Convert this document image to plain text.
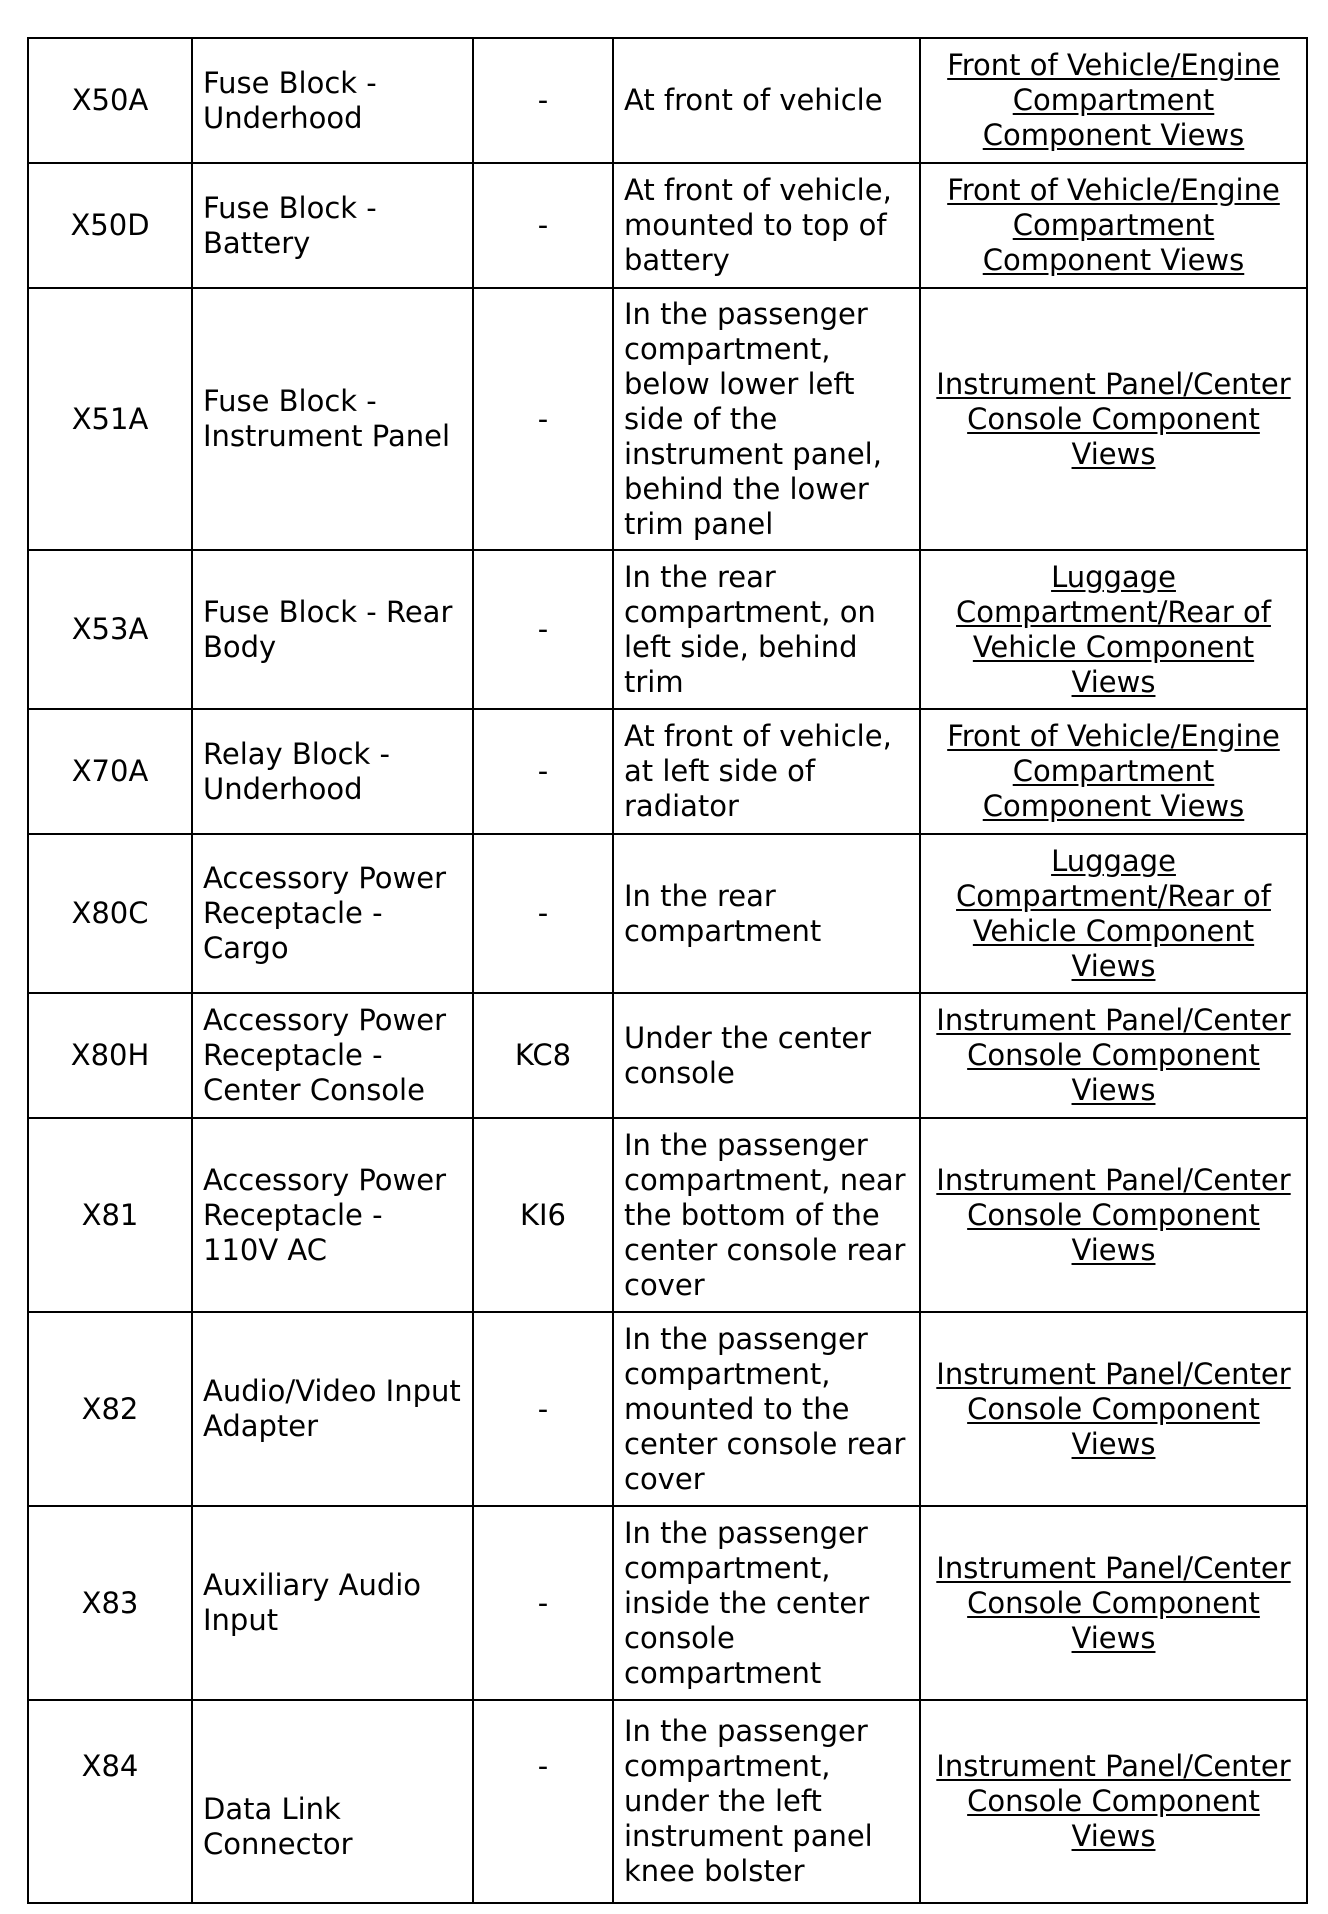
X50A	Fuse Block - Underhood	-	At front of vehicle	Front of Vehicle/Engine Compartment Component Views
X50D	Fuse Block - Battery	-	At front of vehicle, mounted to top of battery	Front of Vehicle/Engine Compartment Component Views
X51A	Fuse Block - Instrument Panel	-	In the passenger compartment, below lower left side of the instrument panel, behind the lower trim panel	Instrument Panel/Center Console Component Views
X53A	Fuse Block - Rear Body	-	In the rear compartment, on left side, behind trim	Luggage Compartment/Rear of Vehicle Component Views
X70A	Relay Block - Underhood	-	At front of vehicle, at left side of radiator	Front of Vehicle/Engine Compartment Component Views
X80C	Accessory Power Receptacle - Cargo	-	In the rear compartment	Luggage Compartment/Rear of Vehicle Component Views
X80H	Accessory Power Receptacle - Center Console	KC8	Under the center console	Instrument Panel/Center Console Component Views
X81	Accessory Power Receptacle - 110V AC	KI6	In the passenger compartment, near the bottom of the center console rear cover	Instrument Panel/Center Console Component Views
X82	Audio/Video Input Adapter	-	In the passenger compartment, mounted to the center console rear cover	Instrument Panel/Center Console Component Views
X83	Auxiliary Audio Input	-	In the passenger compartment, inside the center console compartment	Instrument Panel/Center Console Component Views
X84	Data Link Connector	-	In the passenger compartment, under the left instrument panel knee bolster	Instrument Panel/Center Console Component Views
